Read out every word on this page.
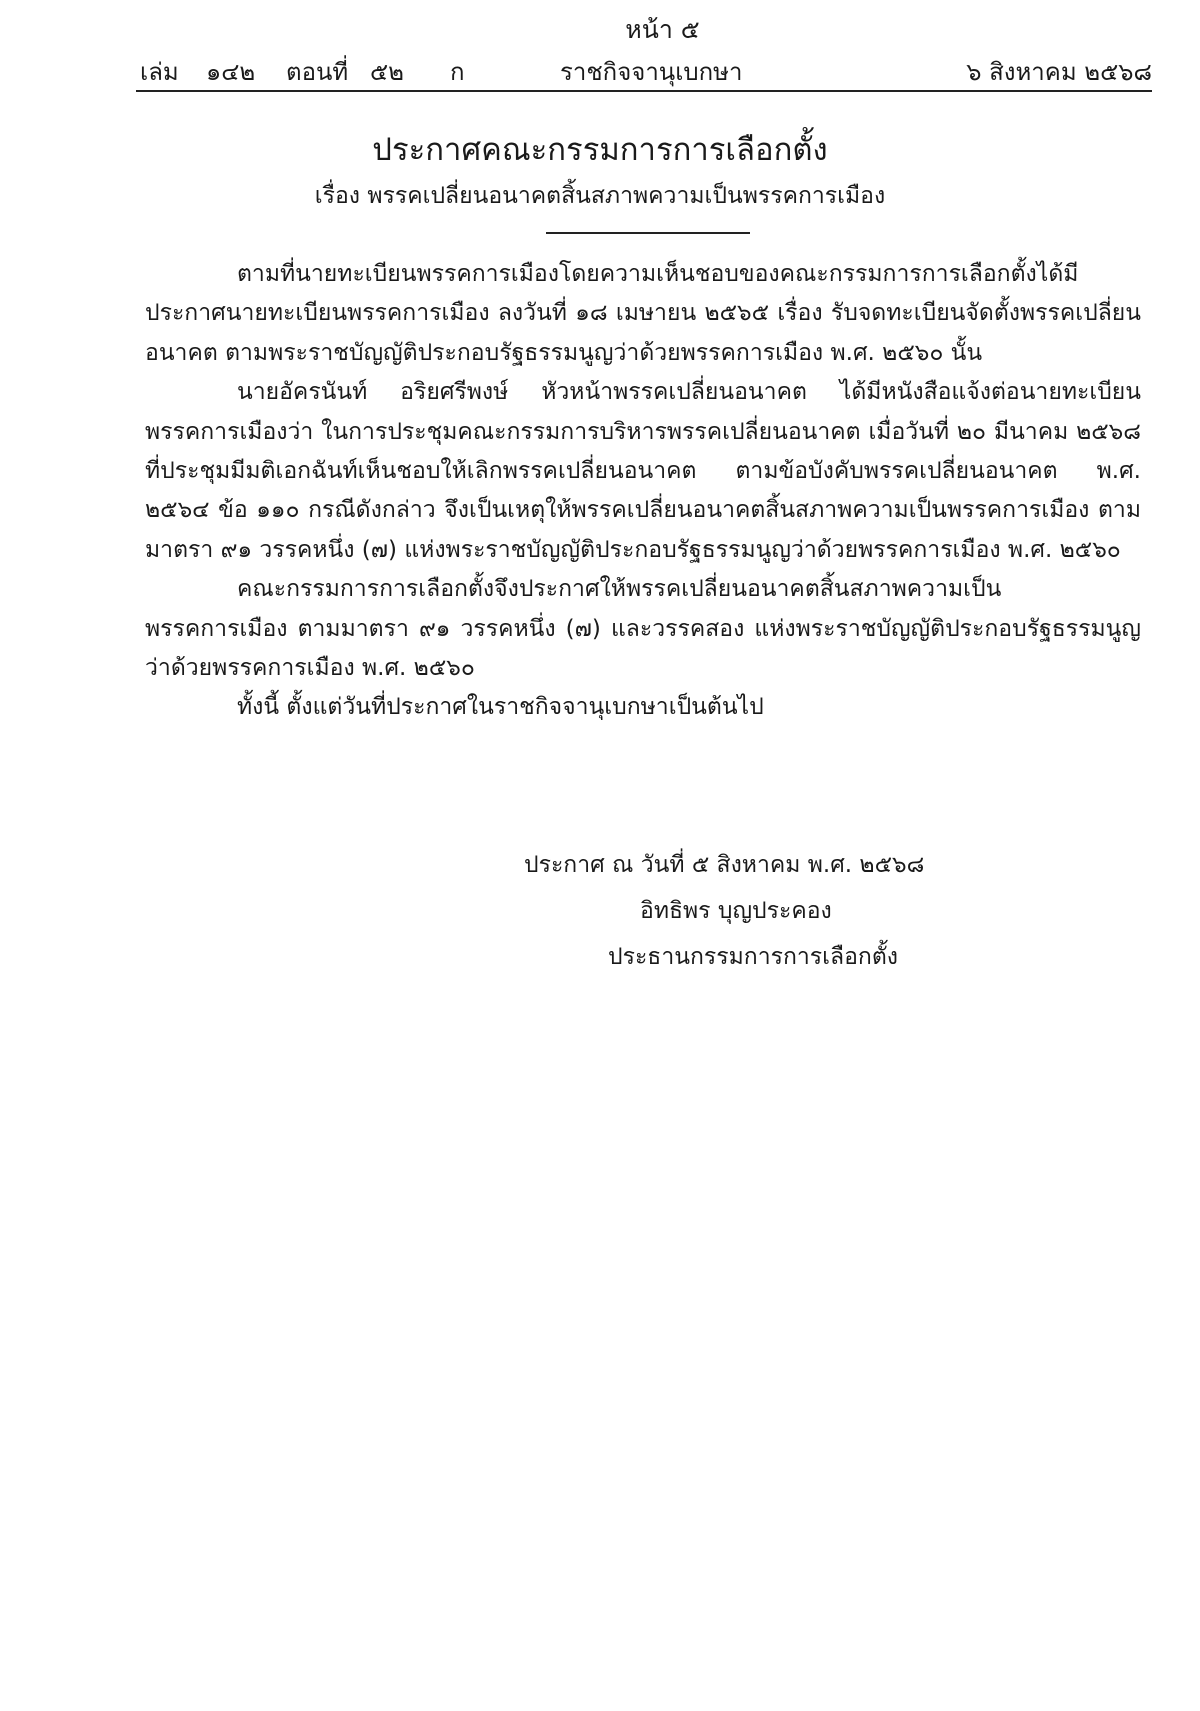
หน้า ๕
เล่ม ๑๔๒ ตอนที่ ๕๒ ก	ราชกิจจานุเบกษา	๖ สิงหาคม ๒๕๖๘
ประกาศคณะกรรมการการเลือกตั้ง
เรื่อง พรรคเปลี่ยนอนาคตสิ้นสภาพความเป็นพรรคการเมือง

ตามที่นายทะเบียนพรรคการเมืองโดยความเห็นชอบของคณะกรรมการการเลือกตั้งได้มีประกาศนายทะเบียนพรรคการเมือง ลงวันที่ ๑๘ เมษายน ๒๕๖๕ เรื่อง รับจดทะเบียนจัดตั้งพรรคเปลี่ยนอนาคต ตามพระราชบัญญัติประกอบรัฐธรรมนูญว่าด้วยพรรคการเมือง พ.ศ. ๒๕๖๐ นั้น

นายอัครนันท์ อริยศรีพงษ์ หัวหน้าพรรคเปลี่ยนอนาคต ได้มีหนังสือแจ้งต่อนายทะเบียนพรรคการเมืองว่า ในการประชุมคณะกรรมการบริหารพรรคเปลี่ยนอนาคต เมื่อวันที่ ๒๐ มีนาคม ๒๕๖๘ ที่ประชุมมีมติเอกฉันท์เห็นชอบให้เลิกพรรคเปลี่ยนอนาคต ตามข้อบังคับพรรคเปลี่ยนอนาคต พ.ศ. ๒๕๖๔ ข้อ ๑๑๐ กรณีดังกล่าว จึงเป็นเหตุให้พรรคเปลี่ยนอนาคตสิ้นสภาพความเป็นพรรคการเมือง ตามมาตรา ๙๑ วรรคหนึ่ง (๗) แห่งพระราชบัญญัติประกอบรัฐธรรมนูญว่าด้วยพรรคการเมือง พ.ศ. ๒๕๖๐

คณะกรรมการการเลือกตั้งจึงประกาศให้พรรคเปลี่ยนอนาคตสิ้นสภาพความเป็นพรรคการเมือง ตามมาตรา ๙๑ วรรคหนึ่ง (๗) และวรรคสอง แห่งพระราชบัญญัติประกอบรัฐธรรมนูญว่าด้วยพรรคการเมือง พ.ศ. ๒๕๖๐

ทั้งนี้ ตั้งแต่วันที่ประกาศในราชกิจจานุเบกษาเป็นต้นไป

ประกาศ ณ วันที่ ๕ สิงหาคม พ.ศ. ๒๕๖๘
อิทธิพร บุญประคอง
ประธานกรรมการการเลือกตั้ง
